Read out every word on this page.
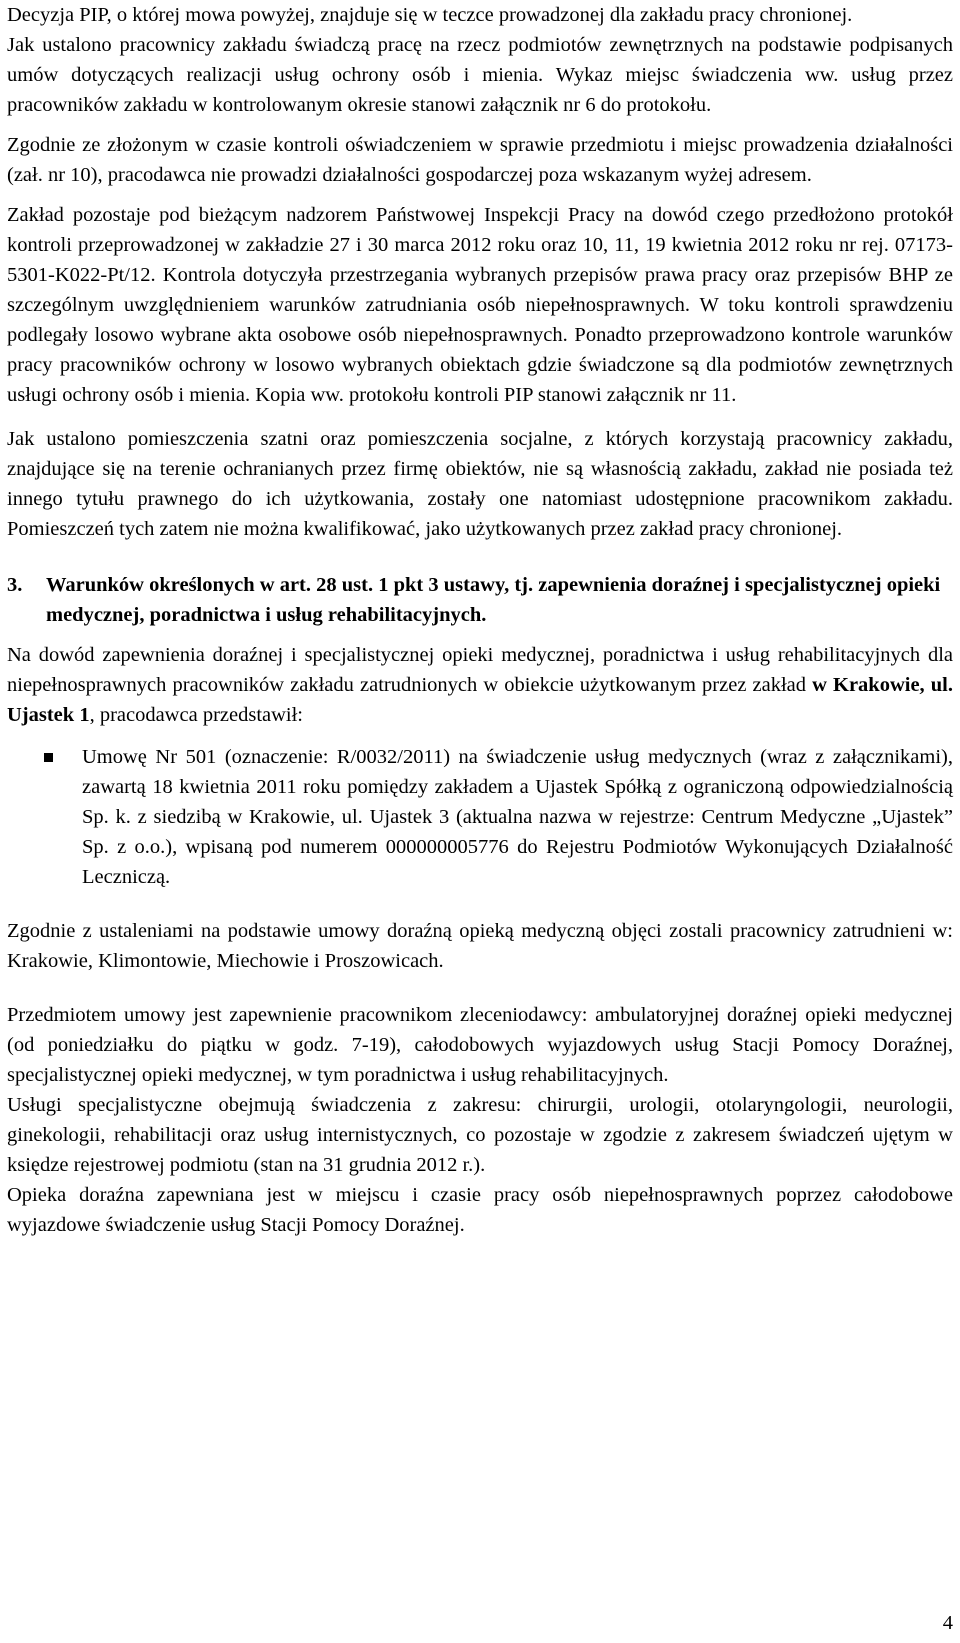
Decyzja PIP, o której mowa powyżej, znajduje się w teczce prowadzonej dla zakładu pracy chronionej.

Jak ustalono pracownicy zakładu świadczą pracę na rzecz podmiotów zewnętrznych na podstawie podpisanych umów dotyczących realizacji usług ochrony osób i mienia. Wykaz miejsc świadczenia ww. usług przez pracowników zakładu w kontrolowanym okresie stanowi załącznik nr 6 do protokołu.

Zgodnie ze złożonym w czasie kontroli oświadczeniem w sprawie przedmiotu i miejsc prowadzenia działalności (zał. nr 10), pracodawca nie prowadzi działalności gospodarczej poza wskazanym wyżej adresem.

Zakład pozostaje pod bieżącym nadzorem Państwowej Inspekcji Pracy na dowód czego przedłożono protokół kontroli przeprowadzonej w zakładzie 27 i 30 marca 2012 roku oraz 10, 11, 19 kwietnia 2012 roku nr rej. 07173-5301-K022-Pt/12. Kontrola dotyczyła przestrzegania wybranych przepisów prawa pracy oraz przepisów BHP ze szczególnym uwzględnieniem warunków zatrudniania osób niepełnosprawnych. W toku kontroli sprawdzeniu podlegały losowo wybrane akta osobowe osób niepełnosprawnych. Ponadto przeprowadzono kontrole warunków pracy pracowników ochrony w losowo wybranych obiektach gdzie świadczone są dla podmiotów zewnętrznych usługi ochrony osób i mienia. Kopia ww. protokołu kontroli PIP stanowi załącznik nr 11.

Jak ustalono pomieszczenia szatni oraz pomieszczenia socjalne, z których korzystają pracownicy zakładu, znajdujące się na terenie ochranianych przez firmę obiektów, nie są własnością zakładu, zakład nie posiada też innego tytułu prawnego do ich użytkowania, zostały one natomiast udostępnione pracownikom zakładu. Pomieszczeń tych zatem nie można kwalifikować, jako użytkowanych przez zakład pracy chronionej.

3.	Warunków określonych w art. 28 ust. 1 pkt 3 ustawy, tj. zapewnienia doraźnej i specjalistycznej opieki medycznej, poradnictwa i usług rehabilitacyjnych.

Na dowód zapewnienia doraźnej i specjalistycznej opieki medycznej, poradnictwa i usług rehabilitacyjnych dla niepełnosprawnych pracowników zakładu zatrudnionych w obiekcie użytkowanym przez zakład w Krakowie, ul. Ujastek 1, pracodawca przedstawił:

Umowę Nr 501 (oznaczenie: R/0032/2011) na świadczenie usług medycznych (wraz z załącznikami), zawartą 18 kwietnia 2011 roku pomiędzy zakładem a Ujastek Spółką z ograniczoną odpowiedzialnością Sp. k. z siedzibą w Krakowie, ul. Ujastek 3 (aktualna nazwa w rejestrze: Centrum Medyczne „Ujastek” Sp. z o.o.), wpisaną pod numerem 000000005776 do Rejestru Podmiotów Wykonujących Działalność Leczniczą.

Zgodnie z ustaleniami na podstawie umowy doraźną opieką medyczną objęci zostali pracownicy zatrudnieni w: Krakowie, Klimontowie, Miechowie i Proszowicach.

Przedmiotem umowy jest zapewnienie pracownikom zleceniodawcy: ambulatoryjnej doraźnej opieki medycznej (od poniedziałku do piątku w godz. 7-19), całodobowych wyjazdowych usług Stacji Pomocy Doraźnej, specjalistycznej opieki medycznej, w tym poradnictwa i usług rehabilitacyjnych.

Usługi specjalistyczne obejmują świadczenia z zakresu: chirurgii, urologii, otolaryngologii, neurologii, ginekologii, rehabilitacji oraz usług internistycznych, co pozostaje w zgodzie z zakresem świadczeń ujętym w księdze rejestrowej podmiotu (stan na 31 grudnia 2012 r.).

Opieka doraźna zapewniana jest w miejscu i czasie pracy osób niepełnosprawnych poprzez całodobowe wyjazdowe świadczenie usług Stacji Pomocy Doraźnej.

4
